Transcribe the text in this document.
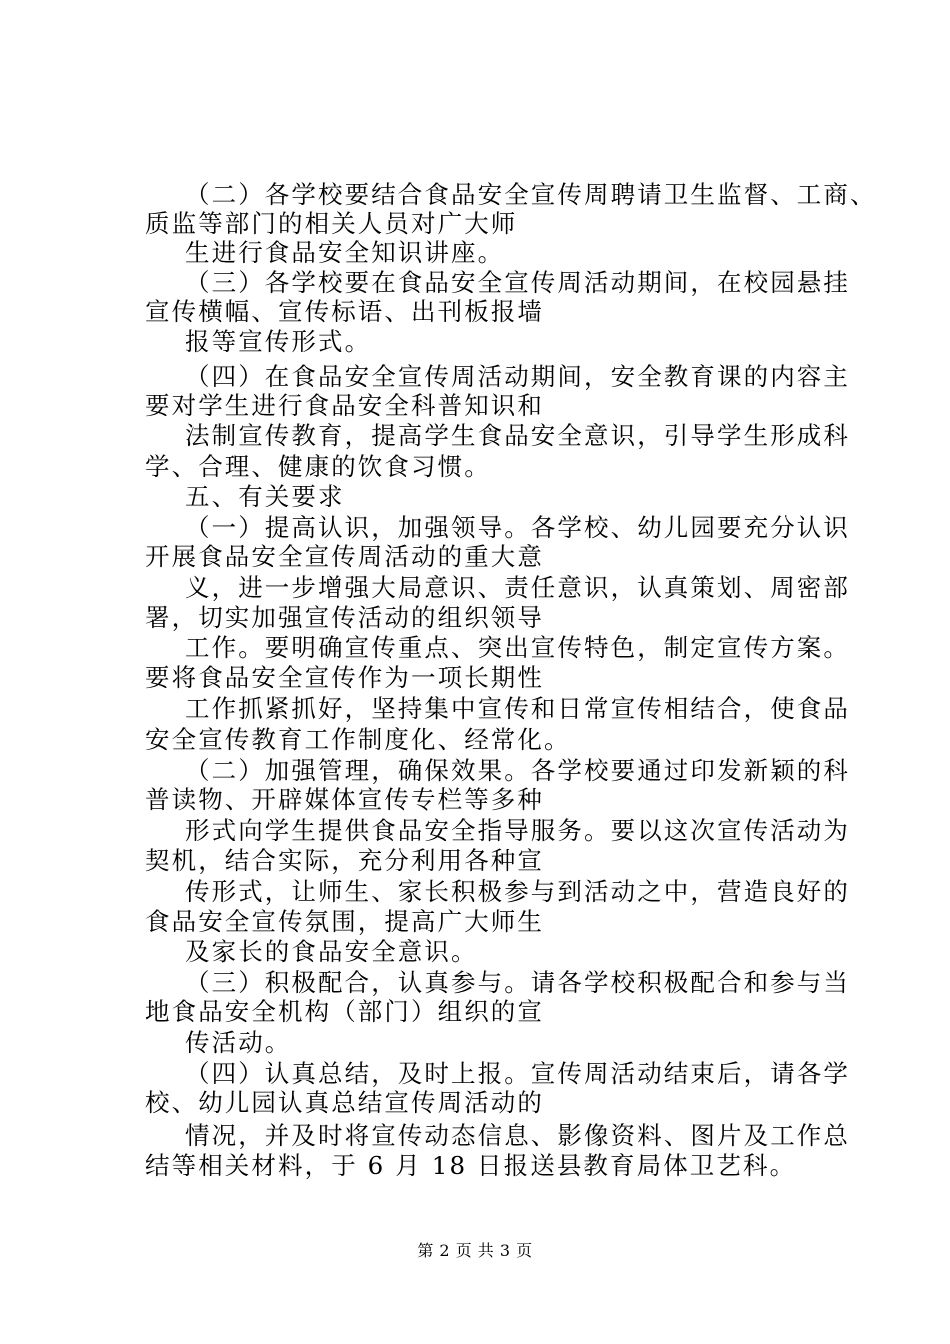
（二）各学校要结合食品安全宣传周聘请卫生监督、工商、
质监等部门的相关人员对广大师
生进行食品安全知识讲座。
（三）各学校要在食品安全宣传周活动期间，在校园悬挂
宣传横幅、宣传标语、出刊板报墙
报等宣传形式。
（四）在食品安全宣传周活动期间，安全教育课的内容主
要对学生进行食品安全科普知识和
法制宣传教育，提高学生食品安全意识，引导学生形成科
学、合理、健康的饮食习惯。
五、有关要求
（一）提高认识，加强领导。各学校、幼儿园要充分认识
开展食品安全宣传周活动的重大意
义，进一步增强大局意识、责任意识，认真策划、周密部
署，切实加强宣传活动的组织领导
工作。要明确宣传重点、突出宣传特色，制定宣传方案。
要将食品安全宣传作为一项长期性
工作抓紧抓好，坚持集中宣传和日常宣传相结合，使食品
安全宣传教育工作制度化、经常化。
（二）加强管理，确保效果。各学校要通过印发新颖的科
普读物、开辟媒体宣传专栏等多种
形式向学生提供食品安全指导服务。要以这次宣传活动为
契机，结合实际，充分利用各种宣
传形式，让师生、家长积极参与到活动之中，营造良好的
食品安全宣传氛围，提高广大师生
及家长的食品安全意识。
（三）积极配合，认真参与。请各学校积极配合和参与当
地食品安全机构（部门）组织的宣
传活动。
（四）认真总结，及时上报。宣传周活动结束后，请各学
校、幼儿园认真总结宣传周活动的
情况，并及时将宣传动态信息、影像资料、图片及工作总
结等相关材料，于 6 月 18 日报送县教育局体卫艺科。
第 2 页 共 3 页
